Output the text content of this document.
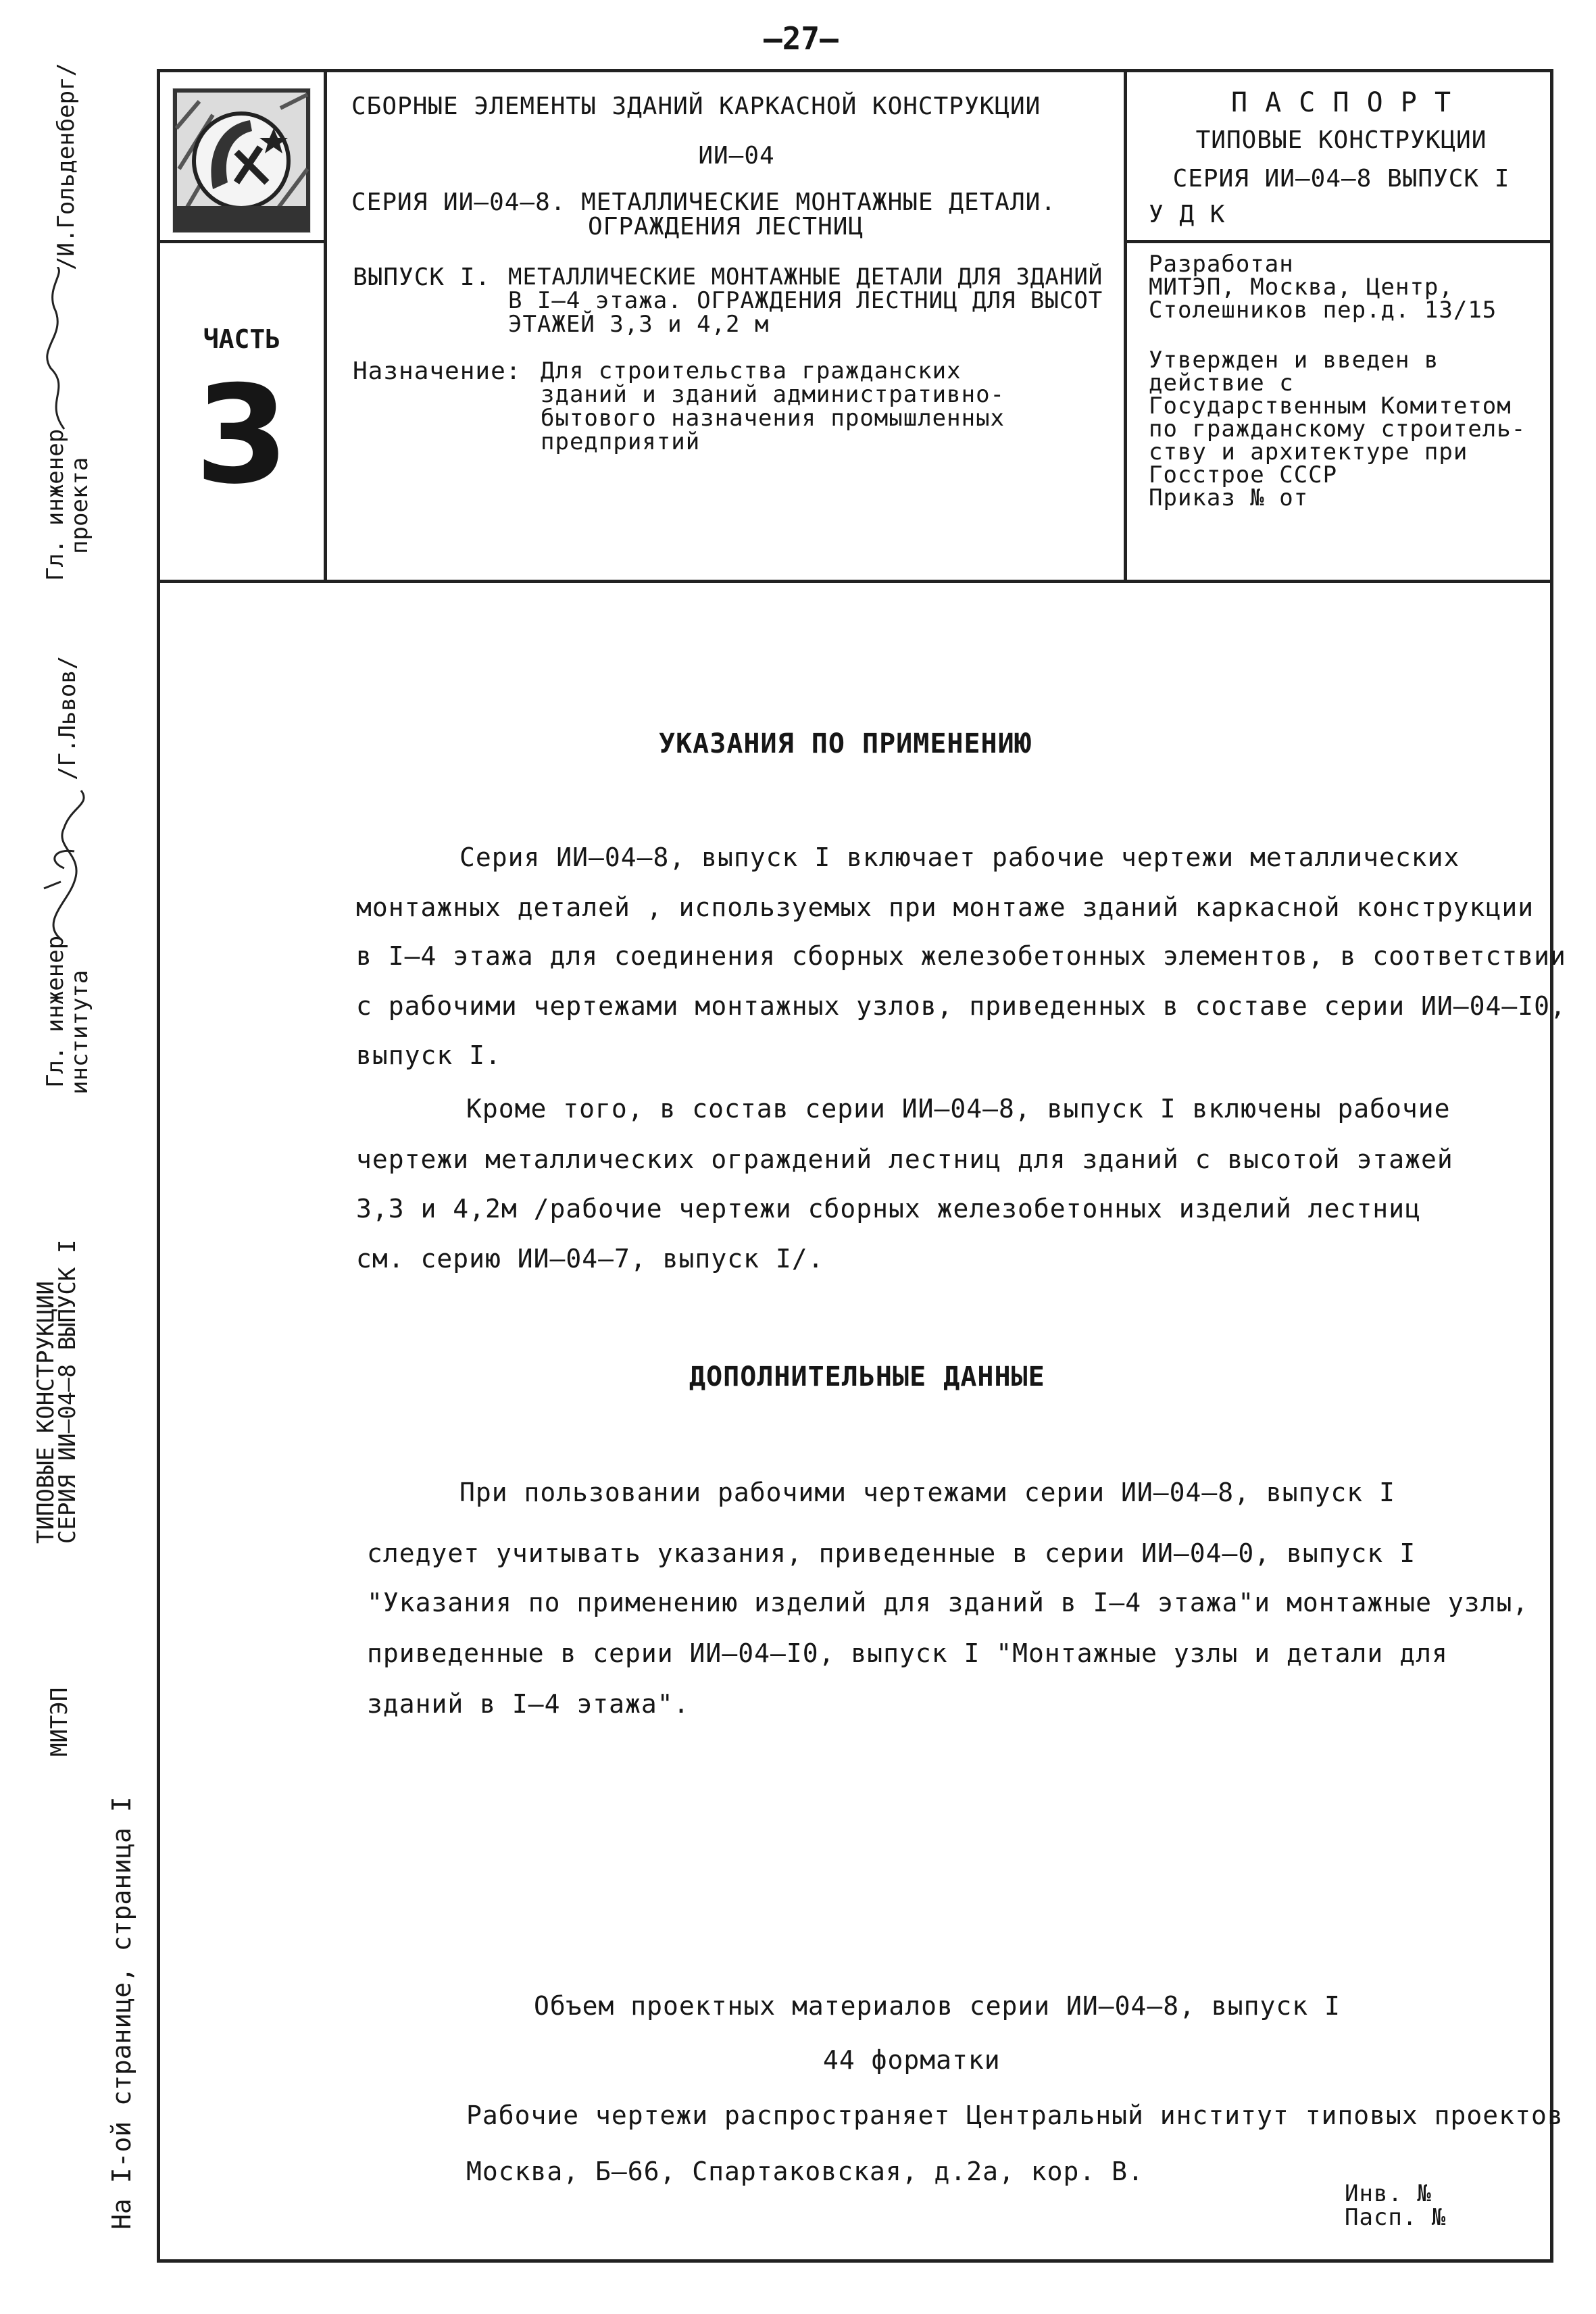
–27–
СБОРНЫЕ ЭЛЕМЕНТЫ ЗДАНИЙ КАРКАСНОЙ КОНСТРУКЦИИ
ИИ–04
СЕРИЯ ИИ–04–8. МЕТАЛЛИЧЕСКИЕ МОНТАЖНЫЕ ДЕТАЛИ.
ОГРАЖДЕНИЯ ЛЕСТНИЦ
П А С П О Р Т
ТИПОВЫЕ КОНСТРУКЦИИ
СЕРИЯ ИИ–04–8 ВЫПУСК I
У Д К
ЧАСТЬ
3
ВЫПУСК I. МЕТАЛЛИЧЕСКИЕ МОНТАЖНЫЕ ДЕТАЛИ ДЛЯ ЗДАНИЙ
В I–4 этажа. ОГРАЖДЕНИЯ ЛЕСТНИЦ ДЛЯ ВЫСОТ
ЭТАЖЕЙ 3,3 и 4,2 м
Назначение: Для строительства гражданских
зданий и зданий административно-
бытового назначения промышленных
предприятий
Разработан
МИТЭП, Москва, Центр,
Столешников пер.д. 13/15
Утвержден и введен в
действие с
Государственным Комитетом
по гражданскому строитель-
ству и архитектуре при
Госстрое СССР
Приказ № от
Гл. инженер
проекта
/И.Гольденберг/
Гл. инженер
института
/Г.Львов/
ТИПОВЫЕ КОНСТРУКЦИИ
СЕРИЯ ИИ–04–8 ВЫПУСК I
МИТЭП
На I-ой странице, страница I
УКАЗАНИЯ ПО ПРИМЕНЕНИЮ
Серия ИИ–04–8, выпуск I включает рабочие чертежи металлических
монтажных деталей , используемых при монтаже зданий каркасной конструкции
в I–4 этажа для соединения сборных железобетонных элементов, в соответствии
с рабочими чертежами монтажных узлов, приведенных в составе серии ИИ–04–I0,
выпуск I.
Кроме того, в состав серии ИИ–04–8, выпуск I включены рабочие
чертежи металлических ограждений лестниц для зданий с высотой этажей
3,3 и 4,2м /рабочие чертежи сборных железобетонных изделий лестниц
см. серию ИИ–04–7, выпуск I/.
ДОПОЛНИТЕЛЬНЫЕ ДАННЫЕ
При пользовании рабочими чертежами серии ИИ–04–8, выпуск I
следует учитывать указания, приведенные в серии ИИ–04–0, выпуск I
"Указания по применению изделий для зданий в I–4 этажа"и монтажные узлы,
приведенные в серии ИИ–04–I0, выпуск I "Монтажные узлы и детали для
зданий в I–4 этажа".
Объем проектных материалов серии ИИ–04–8, выпуск I
44 форматки
Рабочие чертежи распространяет Центральный институт типовых проектов
Москва, Б–66, Спартаковская, д.2а, кор. В.
Инв. №
Пасп. №
